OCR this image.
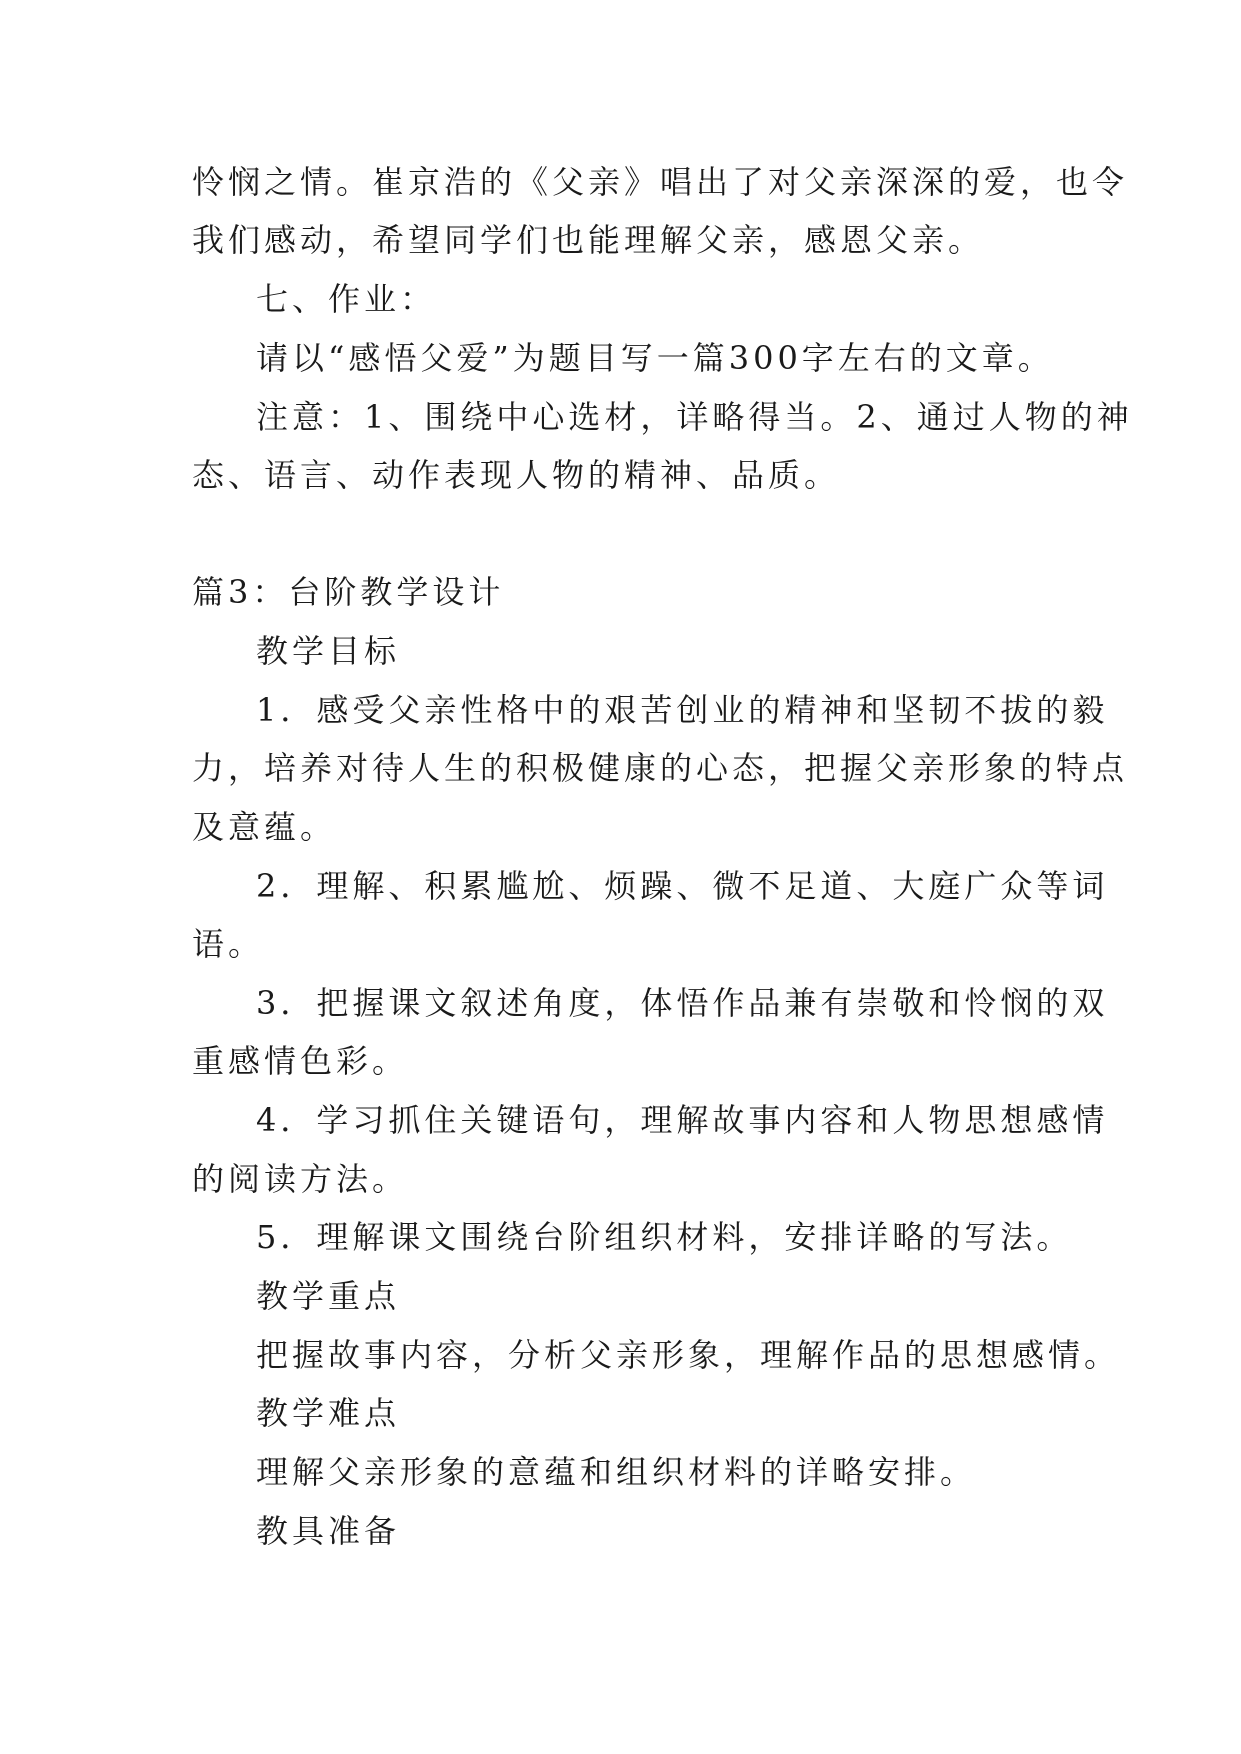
怜悯之情。崔京浩的《父亲》唱出了对父亲深深的爱，也令
我们感动，希望同学们也能理解父亲，感恩父亲。
七、作业：
请以“感悟父爱”为题目写一篇300字左右的文章。
注意：1、围绕中心选材，详略得当。2、通过人物的神
态、语言、动作表现人物的精神、品质。
篇3：台阶教学设计
教学目标
1．感受父亲性格中的艰苦创业的精神和坚韧不拔的毅
力，培养对待人生的积极健康的心态，把握父亲形象的特点
及意蕴。
2．理解、积累尴尬、烦躁、微不足道、大庭广众等词
语。
3．把握课文叙述角度，体悟作品兼有崇敬和怜悯的双
重感情色彩。
4．学习抓住关键语句，理解故事内容和人物思想感情
的阅读方法。
5．理解课文围绕台阶组织材料，安排详略的写法。
教学重点
把握故事内容，分析父亲形象，理解作品的思想感情。
教学难点
理解父亲形象的意蕴和组织材料的详略安排。
教具准备
